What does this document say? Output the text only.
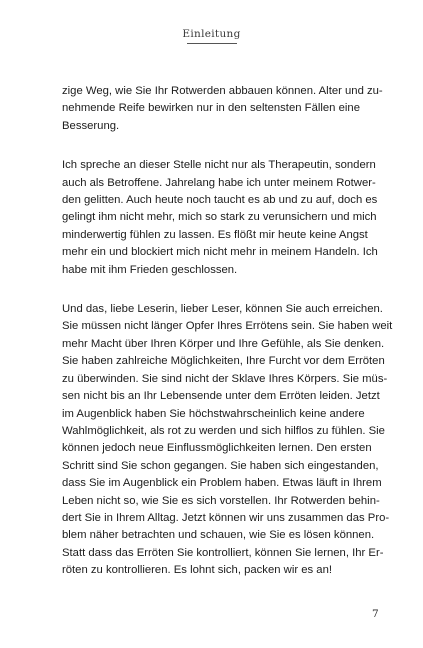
Einleitung

zige Weg, wie Sie Ihr Rotwerden abbauen können. Alter und zu-
nehmende Reife bewirken nur in den seltensten Fällen eine
Besserung.

Ich spreche an dieser Stelle nicht nur als Therapeutin, sondern
auch als Betroffene. Jahrelang habe ich unter meinem Rotwer-
den gelitten. Auch heute noch taucht es ab und zu auf, doch es
gelingt ihm nicht mehr, mich so stark zu verunsichern und mich
minderwertig fühlen zu lassen. Es flößt mir heute keine Angst
mehr ein und blockiert mich nicht mehr in meinem Handeln. Ich
habe mit ihm Frieden geschlossen.

Und das, liebe Leserin, lieber Leser, können Sie auch erreichen.
Sie müssen nicht länger Opfer Ihres Errötens sein. Sie haben weit
mehr Macht über Ihren Körper und Ihre Gefühle, als Sie denken.
Sie haben zahlreiche Möglichkeiten, Ihre Furcht vor dem Erröten
zu überwinden. Sie sind nicht der Sklave Ihres Körpers. Sie müs-
sen nicht bis an Ihr Lebensende unter dem Erröten leiden. Jetzt
im Augenblick haben Sie höchstwahrscheinlich keine andere
Wahlmöglichkeit, als rot zu werden und sich hilflos zu fühlen. Sie
können jedoch neue Einflussmöglichkeiten lernen. Den ersten
Schritt sind Sie schon gegangen. Sie haben sich eingestanden,
dass Sie im Augenblick ein Problem haben. Etwas läuft in Ihrem
Leben nicht so, wie Sie es sich vorstellen. Ihr Rotwerden behin-
dert Sie in Ihrem Alltag. Jetzt können wir uns zusammen das Pro-
blem näher betrachten und schauen, wie Sie es lösen können.
Statt dass das Erröten Sie kontrolliert, können Sie lernen, Ihr Er-
röten zu kontrollieren. Es lohnt sich, packen wir es an!

7
